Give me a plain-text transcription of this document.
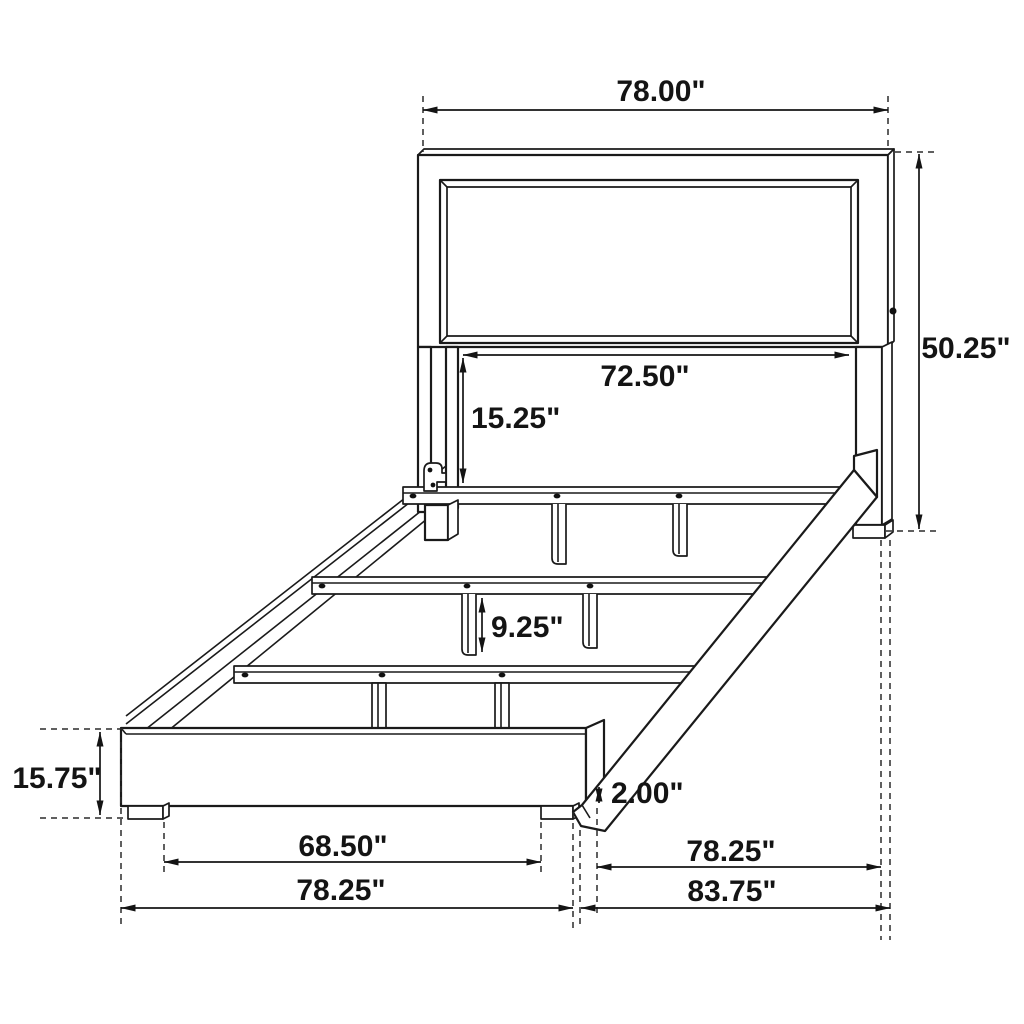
78.00"
50.25"
72.50"
15.25"
9.25"
15.75"	2.00"
68.50"
78.25"
78.25"
83.75"
